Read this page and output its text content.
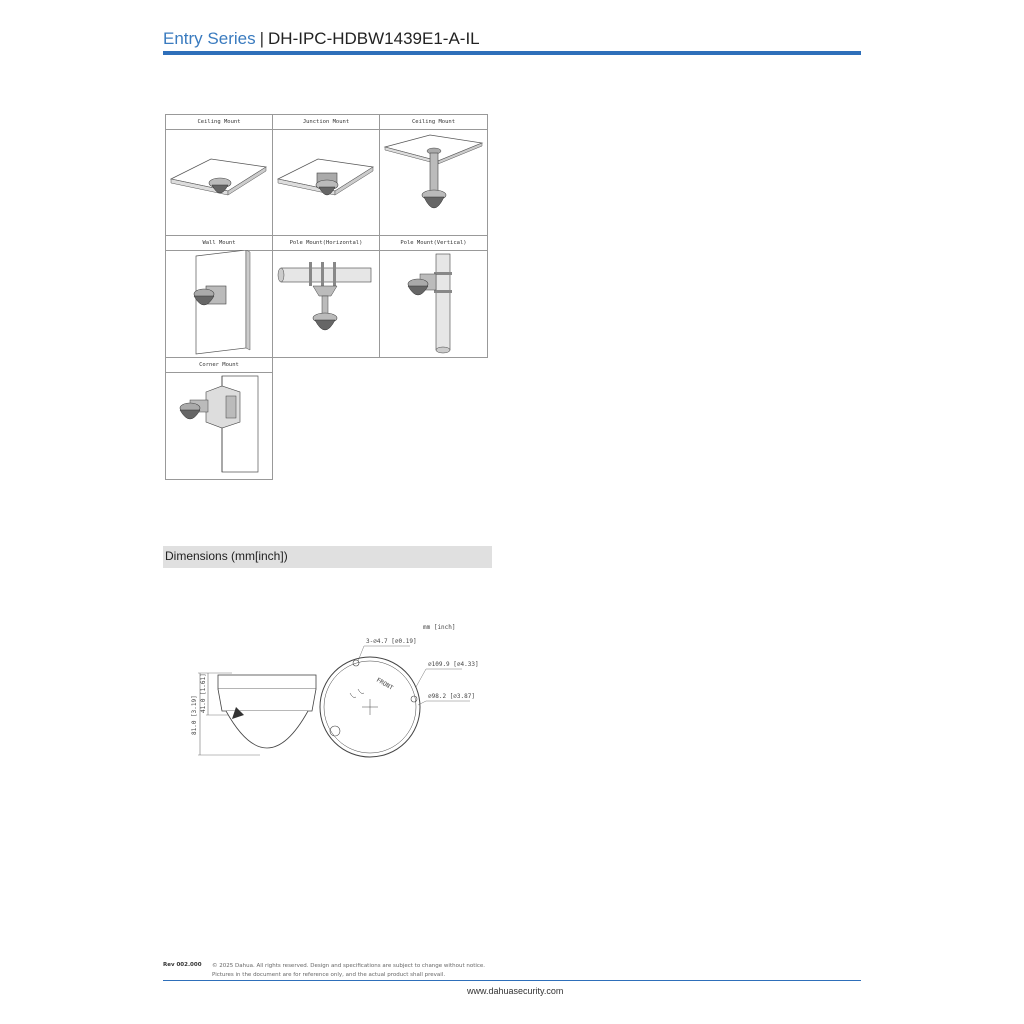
Entry Series | DH-IPC-HDBW1439E1-A-IL
Ceiling Mount	Junction Mount	Ceiling Mount
Wall Mount	Pole Mount(Horizontal)	Pole Mount(Vertical)
Corner Mount
Dimensions (mm[inch])
81.0 [3.19]
41.0 [1.61]	FRONT
3-⌀4.7 [⌀0.19]
⌀109.9 [⌀4.33]
⌀98.2 [⌀3.87]
mm [inch]
Rev 002.000 © 2025 Dahua. All rights reserved. Design and specifications are subject to change without notice.
Pictures in the document are for reference only, and the actual product shall prevail.
www.dahuasecurity.com
